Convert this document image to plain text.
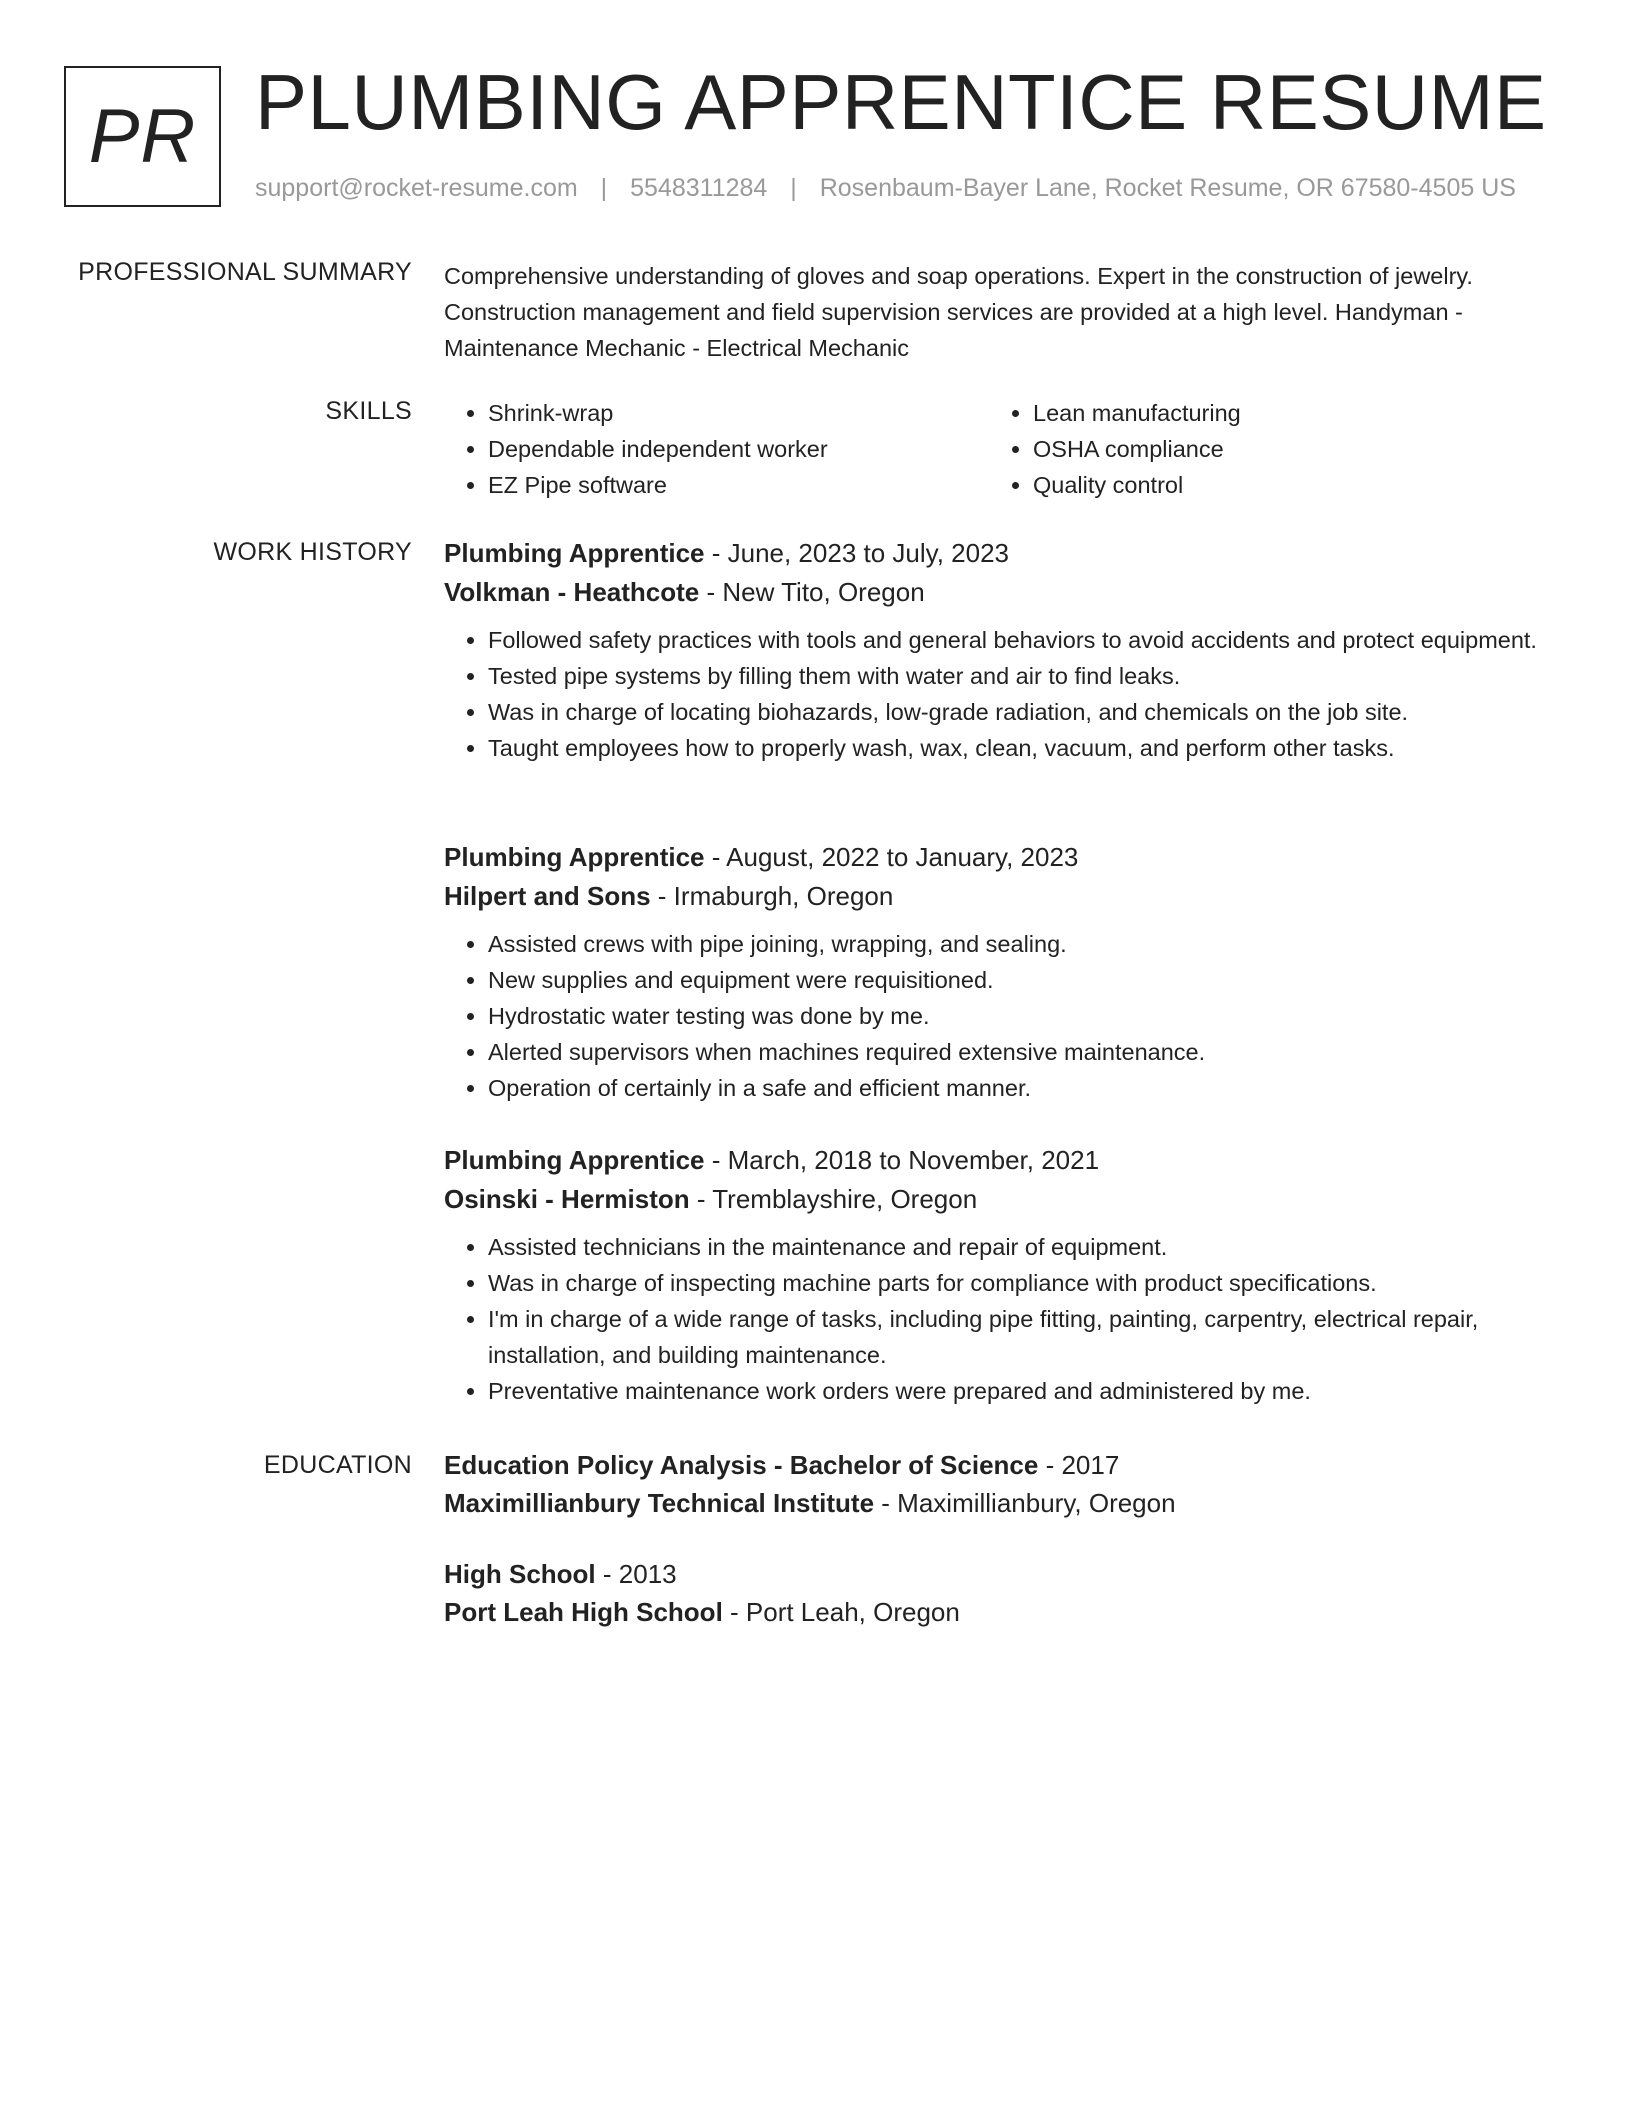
PR PLUMBING APPRENTICE RESUME
support@rocket-resume.com | 5548311284 | Rosenbaum-Bayer Lane, Rocket Resume, OR 67580-4505 US
PROFESSIONAL SUMMARY Comprehensive understanding of gloves and soap operations. Expert in the construction of jewelry. Construction management and field supervision services are provided at a high level. Handyman - Maintenance Mechanic - Electrical Mechanic
SKILLS
•	Shrink-wrap
• Dependable independent worker
• EZ Pipe software
• Lean manufacturing
• OSHA compliance
• Quality control
WORK HISTORY Plumbing Apprentice - June, 2023 to July, 2023
Volkman - Heathcote - New Tito, Oregon
• Followed safety practices with tools and general behaviors to avoid accidents and protect equipment.
• Tested pipe systems by filling them with water and air to find leaks.
• Was in charge of locating biohazards, low-grade radiation, and chemicals on the job site.
• Taught employees how to properly wash, wax, clean, vacuum, and perform other tasks.
Plumbing Apprentice - August, 2022 to January, 2023
Hilpert and Sons - Irmaburgh, Oregon
• Assisted crews with pipe joining, wrapping, and sealing.
• New supplies and equipment were requisitioned.
• Hydrostatic water testing was done by me.
• Alerted supervisors when machines required extensive maintenance.
• Operation of certainly in a safe and efficient manner.
Plumbing Apprentice - March, 2018 to November, 2021
Osinski - Hermiston - Tremblayshire, Oregon
• Assisted technicians in the maintenance and repair of equipment.
• Was in charge of inspecting machine parts for compliance with product specifications.
• I'm in charge of a wide range of tasks, including pipe fitting, painting, carpentry, electrical repair, installation, and building maintenance.
• Preventative maintenance work orders were prepared and administered by me.
EDUCATION Education Policy Analysis - Bachelor of Science - 2017
Maximillianbury Technical Institute - Maximillianbury, Oregon
High School - 2013
Port Leah High School - Port Leah, Oregon
